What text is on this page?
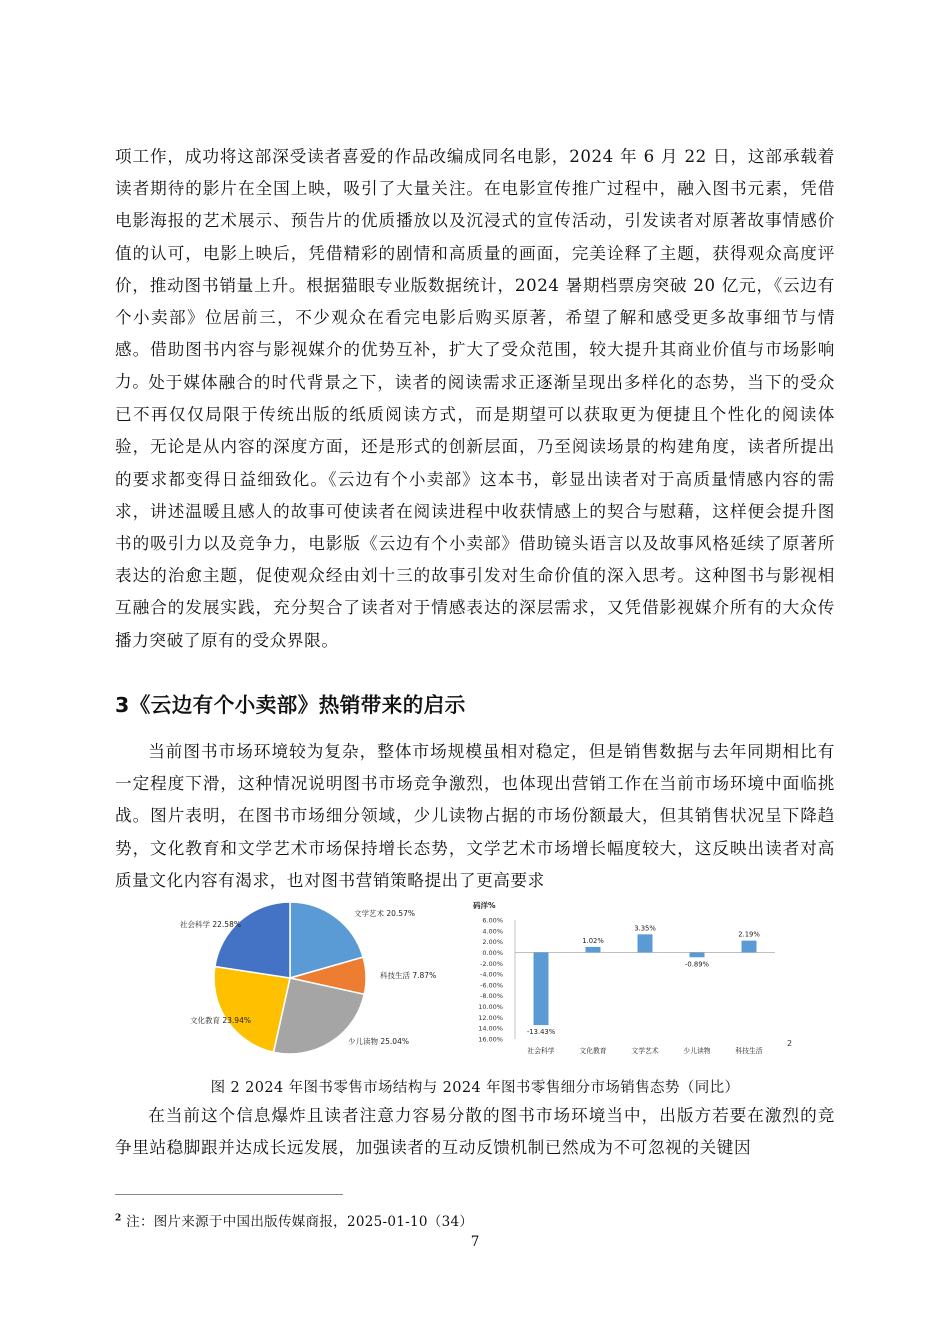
项工作，成功将这部深受读者喜爱的作品改编成同名电影，2024 年 6 月 22 日，这部承载着读者期待的影片在全国上映，吸引了大量关注。在电影宣传推广过程中，融入图书元素，凭借电影海报的艺术展示、预告片的优质播放以及沉浸式的宣传活动，引发读者对原著故事情感价值的认可，电影上映后，凭借精彩的剧情和高质量的画面，完美诠释了主题，获得观众高度评价，推动图书销量上升。根据猫眼专业版数据统计，2024 暑期档票房突破 20 亿元，《云边有个小卖部》位居前三，不少观众在看完电影后购买原著，希望了解和感受更多故事细节与情感。借助图书内容与影视媒介的优势互补，扩大了受众范围，较大提升其商业价值与市场影响力。

处于媒体融合的时代背景之下，读者的阅读需求正逐渐呈现出多样化的态势，当下的受众已不再仅仅局限于传统出版的纸质阅读方式，而是期望可以获取更为便捷且个性化的阅读体验，无论是从内容的深度方面，还是形式的创新层面，乃至阅读场景的构建角度，读者所提出的要求都变得日益细致化。《云边有个小卖部》这本书，彰显出读者对于高质量情感内容的需求，讲述温暖且感人的故事可使读者在阅读进程中收获情感上的契合与慰藉，这样便会提升图书的吸引力以及竞争力，电影版《云边有个小卖部》借助镜头语言以及故事风格延续了原著所表达的治愈主题，促使观众经由刘十三的故事引发对生命价值的深入思考。这种图书与影视相互融合的发展实践，充分契合了读者对于情感表达的深层需求，又凭借影视媒介所有的大众传播力突破了原有的受众界限。

3《云边有个小卖部》热销带来的启示

当前图书市场环境较为复杂，整体市场规模虽相对稳定，但是销售数据与去年同期相比有一定程度下滑，这种情况说明图书市场竞争激烈，也体现出营销工作在当前市场环境中面临挑战。图片表明，在图书市场细分领域，少儿读物占据的市场份额最大，但其销售状况呈下降趋势，文化教育和文学艺术市场保持增长态势，文学艺术市场增长幅度较大，这反映出读者对高质量文化内容有渴求，也对图书营销策略提出了更高要求

文学艺术 20.57%
科技生活 7.87%
少儿读物 25.04%
文化教育 23.94%
社会科学 22.58%
码洋%
6.00%
4.00%
2.00%
0.00%
-2.00%
-4.00%
-6.00%
-8.00%
10.00%
12.00%
14.00%
16.00%
-13.43%
社会科学
1.02%
文化教育
3.35%
文学艺术
-0.89%
少儿读物
2.19%
科技生活
2

图 2 2024 年图书零售市场结构与 2024 年图书零售细分市场销售态势（同比）

在当前这个信息爆炸且读者注意力容易分散的图书市场环境当中，出版方若要在激烈的竞争里站稳脚跟并达成长远发展，加强读者的互动反馈机制已然成为不可忽视的关键因

$^2$ 注：图片来源于中国出版传媒商报，2025-01-10（34）

7
